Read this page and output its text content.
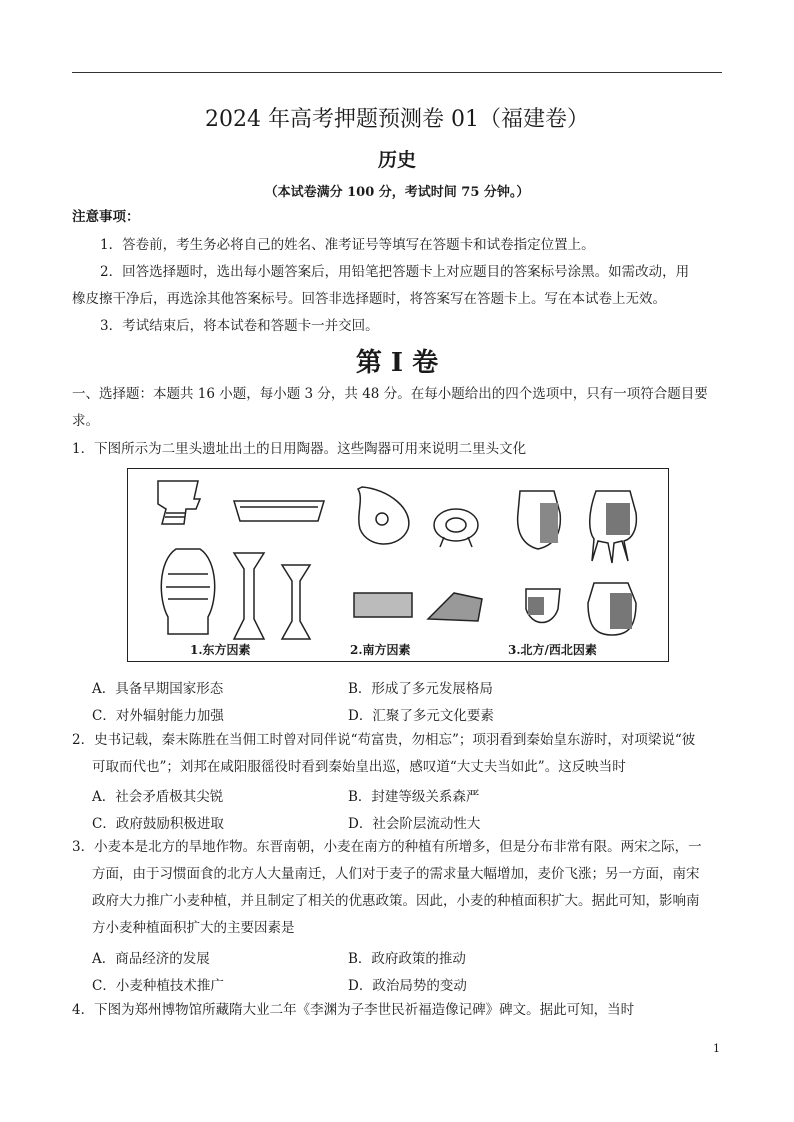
2024 年高考押题预测卷 01（福建卷）
历史
（本试卷满分 100 分，考试时间 75 分钟。）
注意事项：
1．答卷前，考生务必将自己的姓名、准考证号等填写在答题卡和试卷指定位置上。
2．回答选择题时，选出每小题答案后，用铅笔把答题卡上对应题目的答案标号涂黑。如需改动，用
橡皮擦干净后，再选涂其他答案标号。回答非选择题时，将答案写在答题卡上。写在本试卷上无效。
3．考试结束后，将本试卷和答题卡一并交回。
第 I 卷
一、选择题：本题共 16 小题，每小题 3 分，共 48 分。在每小题给出的四个选项中，只有一项符合题目要
求。
1．下图所示为二里头遗址出土的日用陶器。这些陶器可用来说明二里头文化
1.东方因素	2.南方因素	3.北方/西北因素
A．具备早期国家形态	B．形成了多元发展格局
C．对外辐射能力加强	D．汇聚了多元文化要素
2．史书记载，秦末陈胜在当佣工时曾对同伴说“苟富贵，勿相忘”；项羽看到秦始皇东游时，对项梁说“彼
可取而代也”；刘邦在咸阳服徭役时看到秦始皇出巡，感叹道“大丈夫当如此”。这反映当时
A．社会矛盾极其尖锐	B．封建等级关系森严
C．政府鼓励积极进取	D．社会阶层流动性大
3．小麦本是北方的旱地作物。东晋南朝，小麦在南方的种植有所增多，但是分布非常有限。两宋之际，一
方面，由于习惯面食的北方人大量南迁，人们对于麦子的需求量大幅增加，麦价飞涨；另一方面，南宋
政府大力推广小麦种植，并且制定了相关的优惠政策。因此，小麦的种植面积扩大。据此可知，影响南
方小麦种植面积扩大的主要因素是
A．商品经济的发展	B．政府政策的推动
C．小麦种植技术推广	D．政治局势的变动
4．下图为郑州博物馆所藏隋大业二年《李渊为子李世民祈福造像记碑》碑文。据此可知，当时
1
